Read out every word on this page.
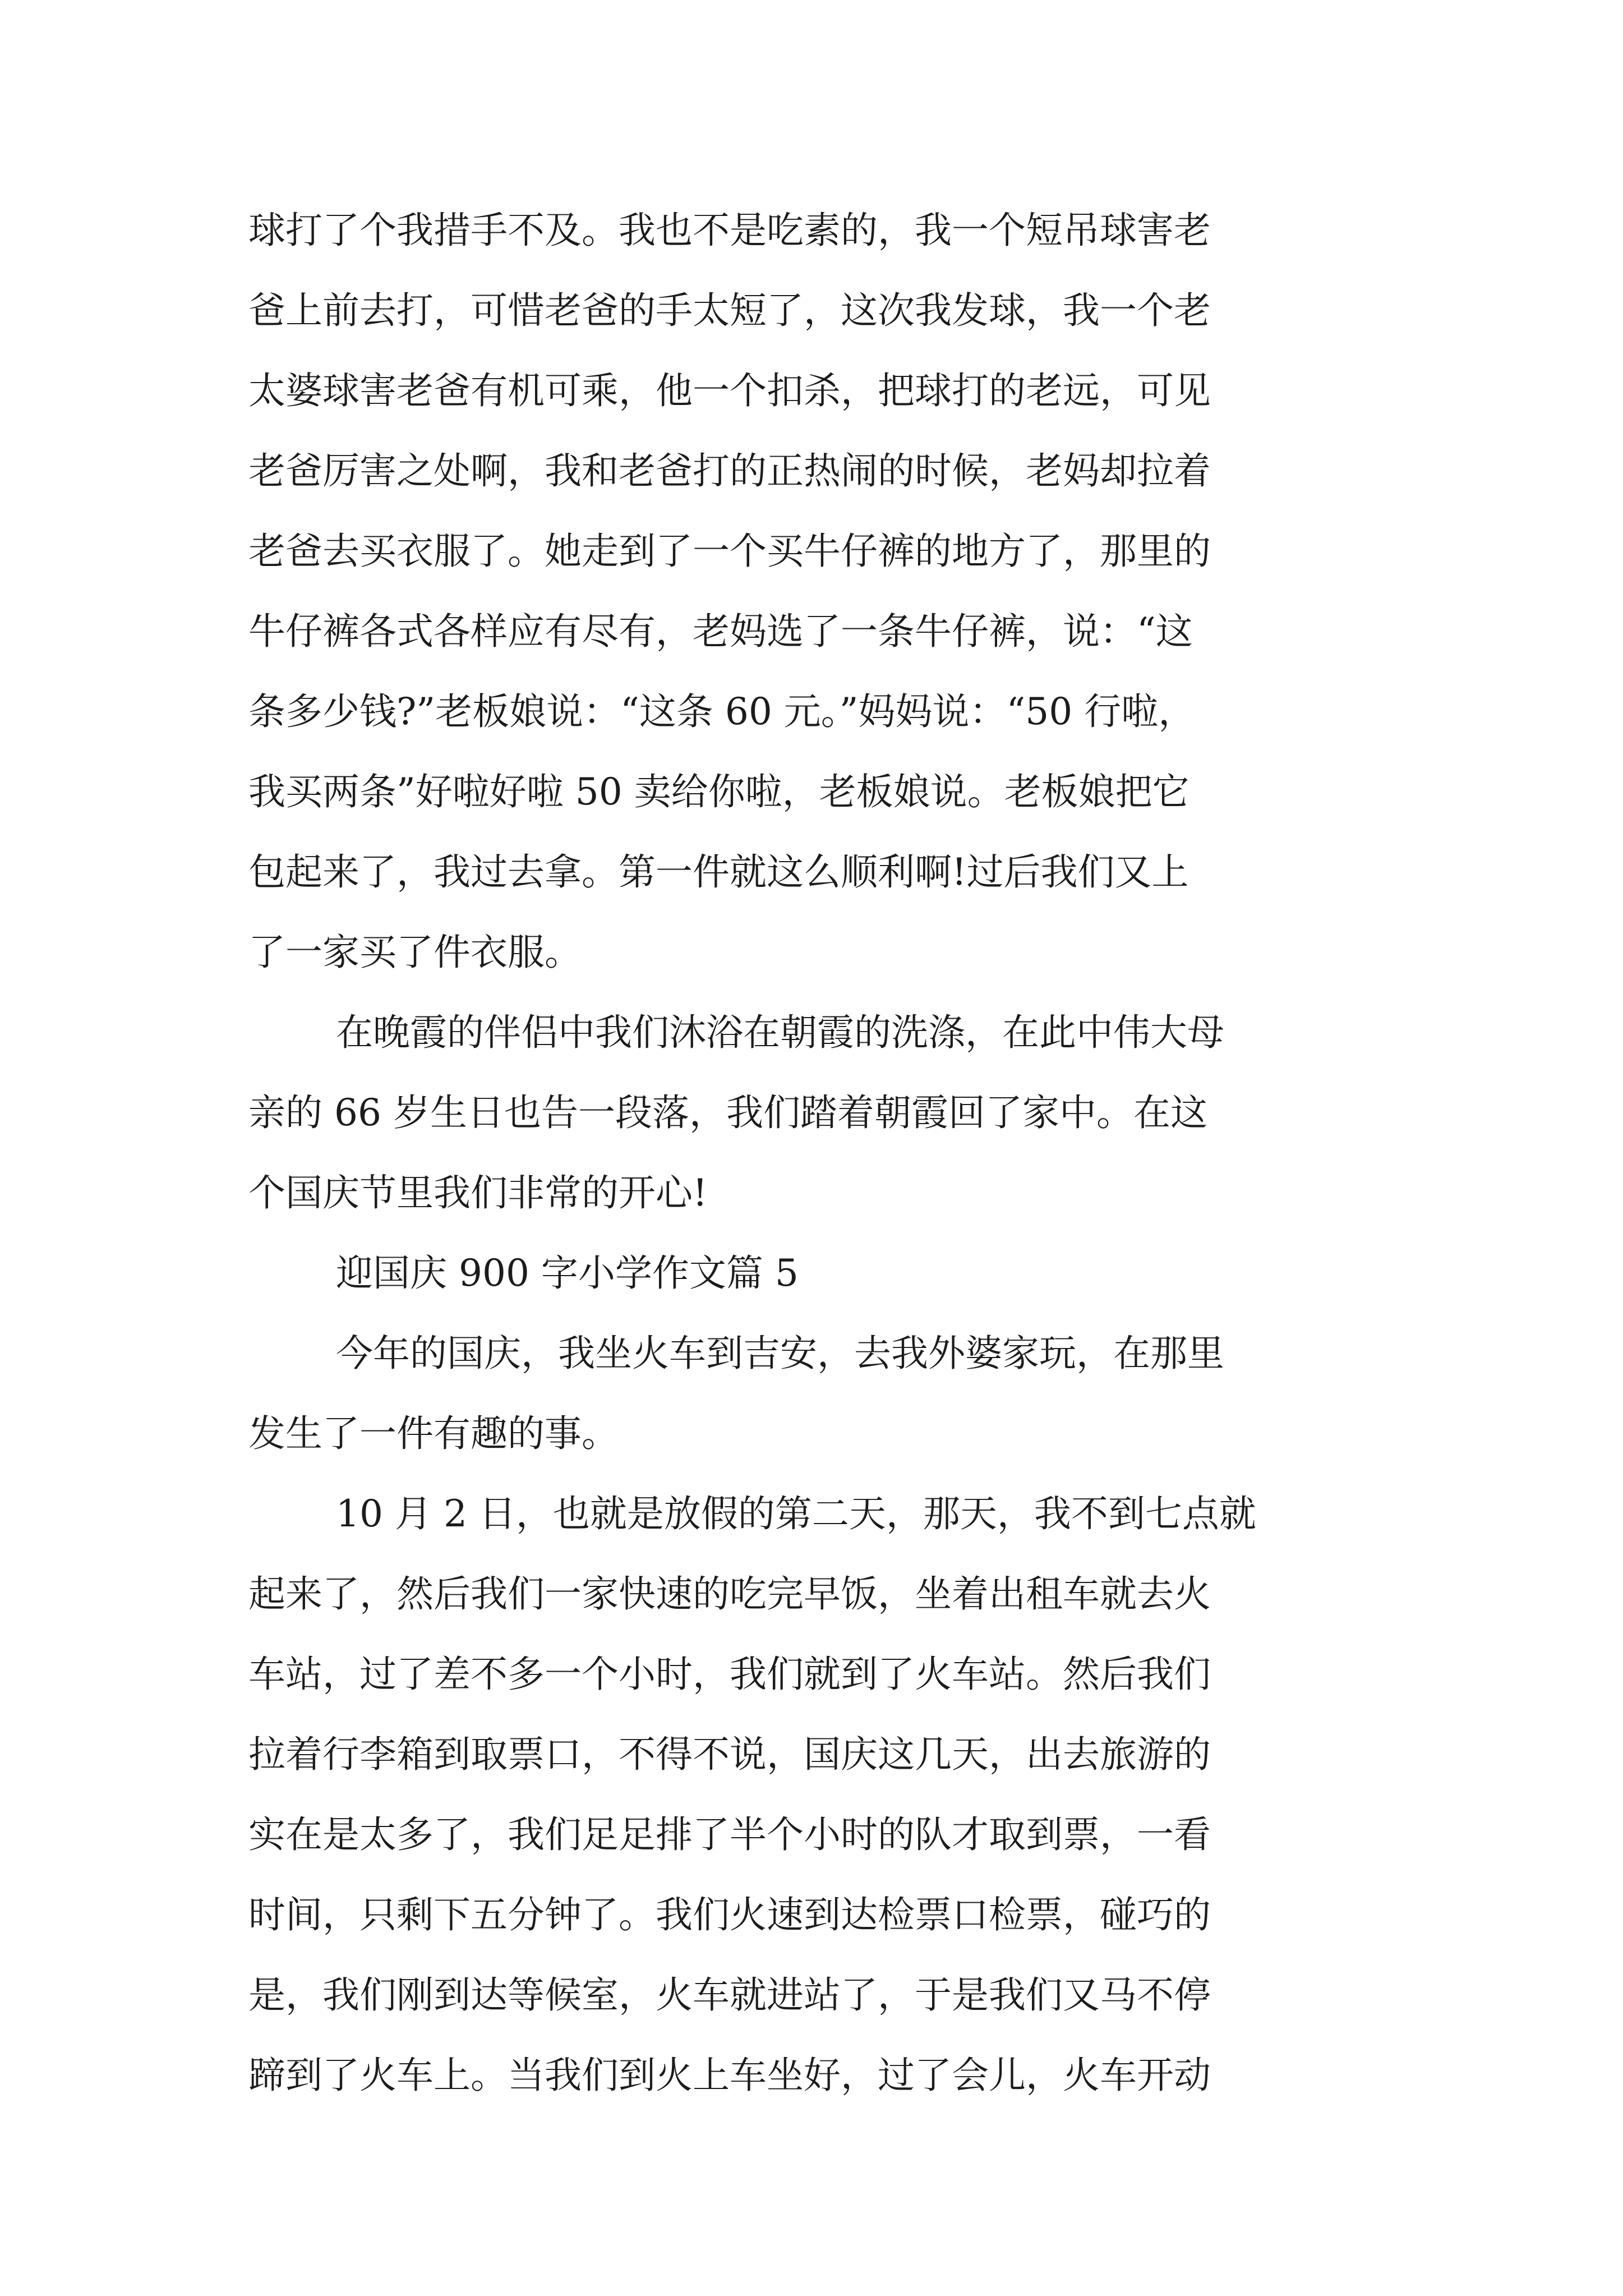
球打了个我措手不及。我也不是吃素的，我一个短吊球害老

爸上前去打，可惜老爸的手太短了，这次我发球，我一个老

太婆球害老爸有机可乘，他一个扣杀，把球打的老远，可见

老爸厉害之处啊，我和老爸打的正热闹的时候，老妈却拉着

老爸去买衣服了。她走到了一个买牛仔裤的地方了，那里的

牛仔裤各式各样应有尽有，老妈选了一条牛仔裤，说：“这

条多少钱?”老板娘说：“这条 60 元。”妈妈说：“50 行啦，

我买两条”好啦好啦 50 卖给你啦，老板娘说。老板娘把它

包起来了，我过去拿。第一件就这么顺利啊!过后我们又上

了一家买了件衣服。

在晚霞的伴侣中我们沐浴在朝霞的洗涤，在此中伟大母

亲的 66 岁生日也告一段落，我们踏着朝霞回了家中。在这

个国庆节里我们非常的开心!

迎国庆 900 字小学作文篇 5

今年的国庆，我坐火车到吉安，去我外婆家玩，在那里

发生了一件有趣的事。

10 月 2 日，也就是放假的第二天，那天，我不到七点就

起来了，然后我们一家快速的吃完早饭，坐着出租车就去火

车站，过了差不多一个小时，我们就到了火车站。然后我们

拉着行李箱到取票口，不得不说，国庆这几天，出去旅游的

实在是太多了，我们足足排了半个小时的队才取到票，一看

时间，只剩下五分钟了。我们火速到达检票口检票，碰巧的

是，我们刚到达等候室，火车就进站了，于是我们又马不停

蹄到了火车上。当我们到火上车坐好，过了会儿，火车开动
